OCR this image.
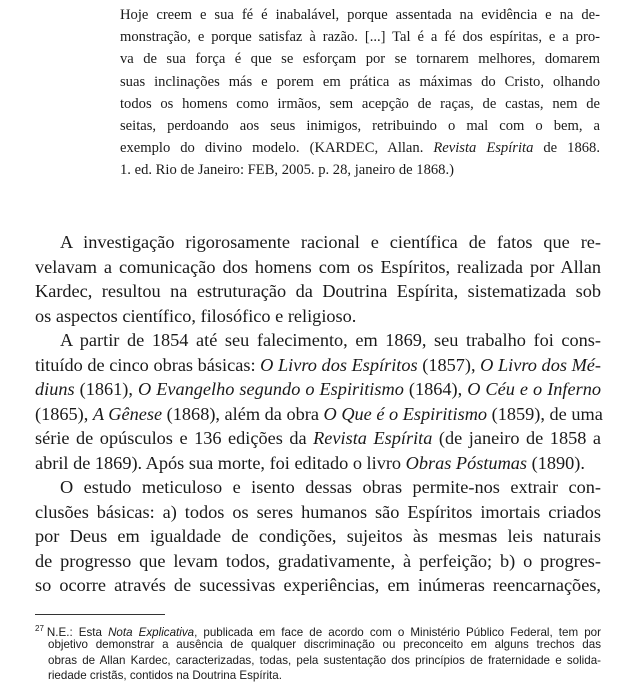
Hoje creem e sua fé é inabalável, porque assentada na evidência e na de-
monstração, e porque satisfaz à razão. [...] Tal é a fé dos espíritas, e a pro-
va de sua força é que se esforçam por se tornarem melhores, domarem
suas inclinações más e porem em prática as máximas do Cristo, olhando
todos os homens como irmãos, sem acepção de raças, de castas, nem de
seitas, perdoando aos seus inimigos, retribuindo o mal com o bem, a
exemplo do divino modelo. (KARDEC, Allan. Revista Espírita de 1868.
1. ed. Rio de Janeiro: FEB, 2005. p. 28, janeiro de 1868.)
A investigação rigorosamente racional e científica de fatos que re-
velavam a comunicação dos homens com os Espíritos, realizada por Allan
Kardec, resultou na estruturação da Doutrina Espírita, sistematizada sob
os aspectos científico, filosófico e religioso.
A partir de 1854 até seu falecimento, em 1869, seu trabalho foi cons-
tituído de cinco obras básicas: O Livro dos Espíritos (1857), O Livro dos Mé-
diuns (1861), O Evangelho segundo o Espiritismo (1864), O Céu e o Inferno
(1865), A Gênese (1868), além da obra O Que é o Espiritismo (1859), de uma
série de opúsculos e 136 edições da Revista Espírita (de janeiro de 1858 a
abril de 1869). Após sua morte, foi editado o livro Obras Póstumas (1890).
O estudo meticuloso e isento dessas obras permite-nos extrair con-
clusões básicas: a) todos os seres humanos são Espíritos imortais criados
por Deus em igualdade de condições, sujeitos às mesmas leis naturais
de progresso que levam todos, gradativamente, à perfeição; b) o progres-
so ocorre através de sucessivas experiências, em inúmeras reencarnações,
$^{27}$ N.E.: Esta Nota Explicativa, publicada em face de acordo com o Ministério Público Federal, tem por
objetivo demonstrar a ausência de qualquer discriminação ou preconceito em alguns trechos das
obras de Allan Kardec, caracterizadas, todas, pela sustentação dos princípios de fraternidade e solida-
riedade cristãs, contidos na Doutrina Espírita.
